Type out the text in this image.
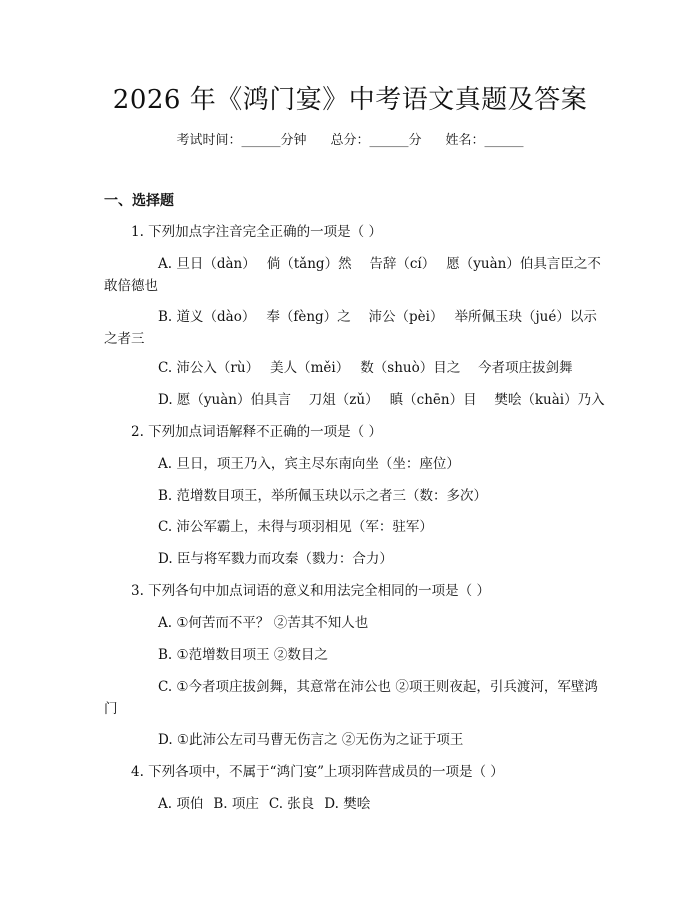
2026 年《鸿门宴》中考语文真题及答案
考试时间：______分钟 总分：______分 姓名：______
一、选择题
1. 下列加点字注音完全正确的一项是（ ）
A. 旦日（dàn）　 倘（tǎng）然　 告辞（cí）　 愿（yuàn）伯具言臣之不敢倍德也
B. 道义（dào）　 奉（fèng）之　 沛公（pèi）　 举所佩玉玦（jué）以示之者三
C. 沛公入（rù）　 美人（měi）　 数（shuò）目之　 今者项庄拔剑舞
D. 愿（yuàn）伯具言　 刀俎（zǔ）　 瞋（chēn）目　 樊哙（kuài）乃入
2. 下列加点词语解释不正确的一项是（ ）
A. 旦日，项王乃入，宾主尽东南向坐（坐：座位）
B. 范增数目项王，举所佩玉玦以示之者三（数：多次）
C. 沛公军霸上，未得与项羽相见（军：驻军）
D. 臣与将军戮力而攻秦（戮力：合力）
3. 下列各句中加点词语的意义和用法完全相同的一项是（ ）
A. ①何苦而不平？ ②苦其不知人也
B. ①范增数目项王 ②数目之
C. ①今者项庄拔剑舞，其意常在沛公也 ②项王则夜起，引兵渡河，军壁鸿门
D. ①此沛公左司马曹无伤言之 ②无伤为之证于项王
4. 下列各项中，不属于“鸿门宴”上项羽阵营成员的一项是（ ）
A. 项伯 B. 项庄 C. 张良 D. 樊哙
